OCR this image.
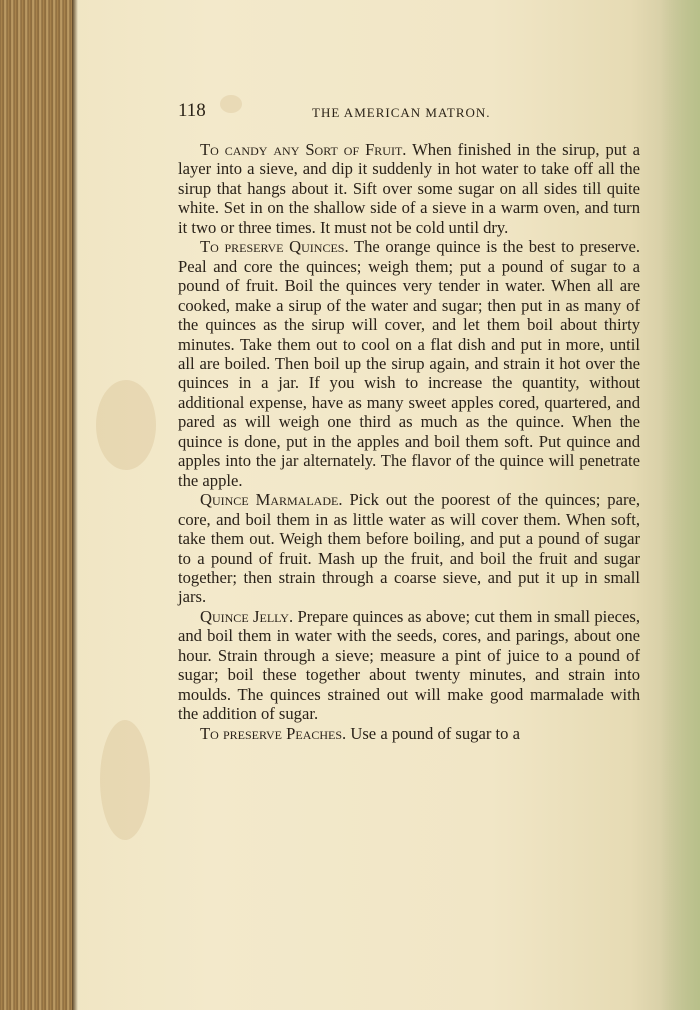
118	THE AMERICAN MATRON.

To candy any Sort of Fruit. When finished in the sirup, put a layer into a sieve, and dip it suddenly in hot water to take off all the sirup that hangs about it. Sift over some sugar on all sides till quite white. Set in on the shallow side of a sieve in a warm oven, and turn it two or three times. It must not be cold until dry.

To preserve Quinces. The orange quince is the best to preserve. Peal and core the quinces; weigh them; put a pound of sugar to a pound of fruit. Boil the quinces very tender in water. When all are cooked, make a sirup of the water and sugar; then put in as many of the quinces as the sirup will cover, and let them boil about thirty minutes. Take them out to cool on a flat dish and put in more, until all are boiled. Then boil up the sirup again, and strain it hot over the quinces in a jar. If you wish to increase the quantity, without additional expense, have as many sweet apples cored, quartered, and pared as will weigh one third as much as the quince. When the quince is done, put in the apples and boil them soft. Put quince and apples into the jar alternately. The flavor of the quince will penetrate the apple.

Quince Marmalade. Pick out the poorest of the quinces; pare, core, and boil them in as little water as will cover them. When soft, take them out. Weigh them before boiling, and put a pound of sugar to a pound of fruit. Mash up the fruit, and boil the fruit and sugar together; then strain through a coarse sieve, and put it up in small jars.

Quince Jelly. Prepare quinces as above; cut them in small pieces, and boil them in water with the seeds, cores, and parings, about one hour. Strain through a sieve; measure a pint of juice to a pound of sugar; boil these together about twenty minutes, and strain into moulds. The quinces strained out will make good marmalade with the addition of sugar.

To preserve Peaches. Use a pound of sugar to a
